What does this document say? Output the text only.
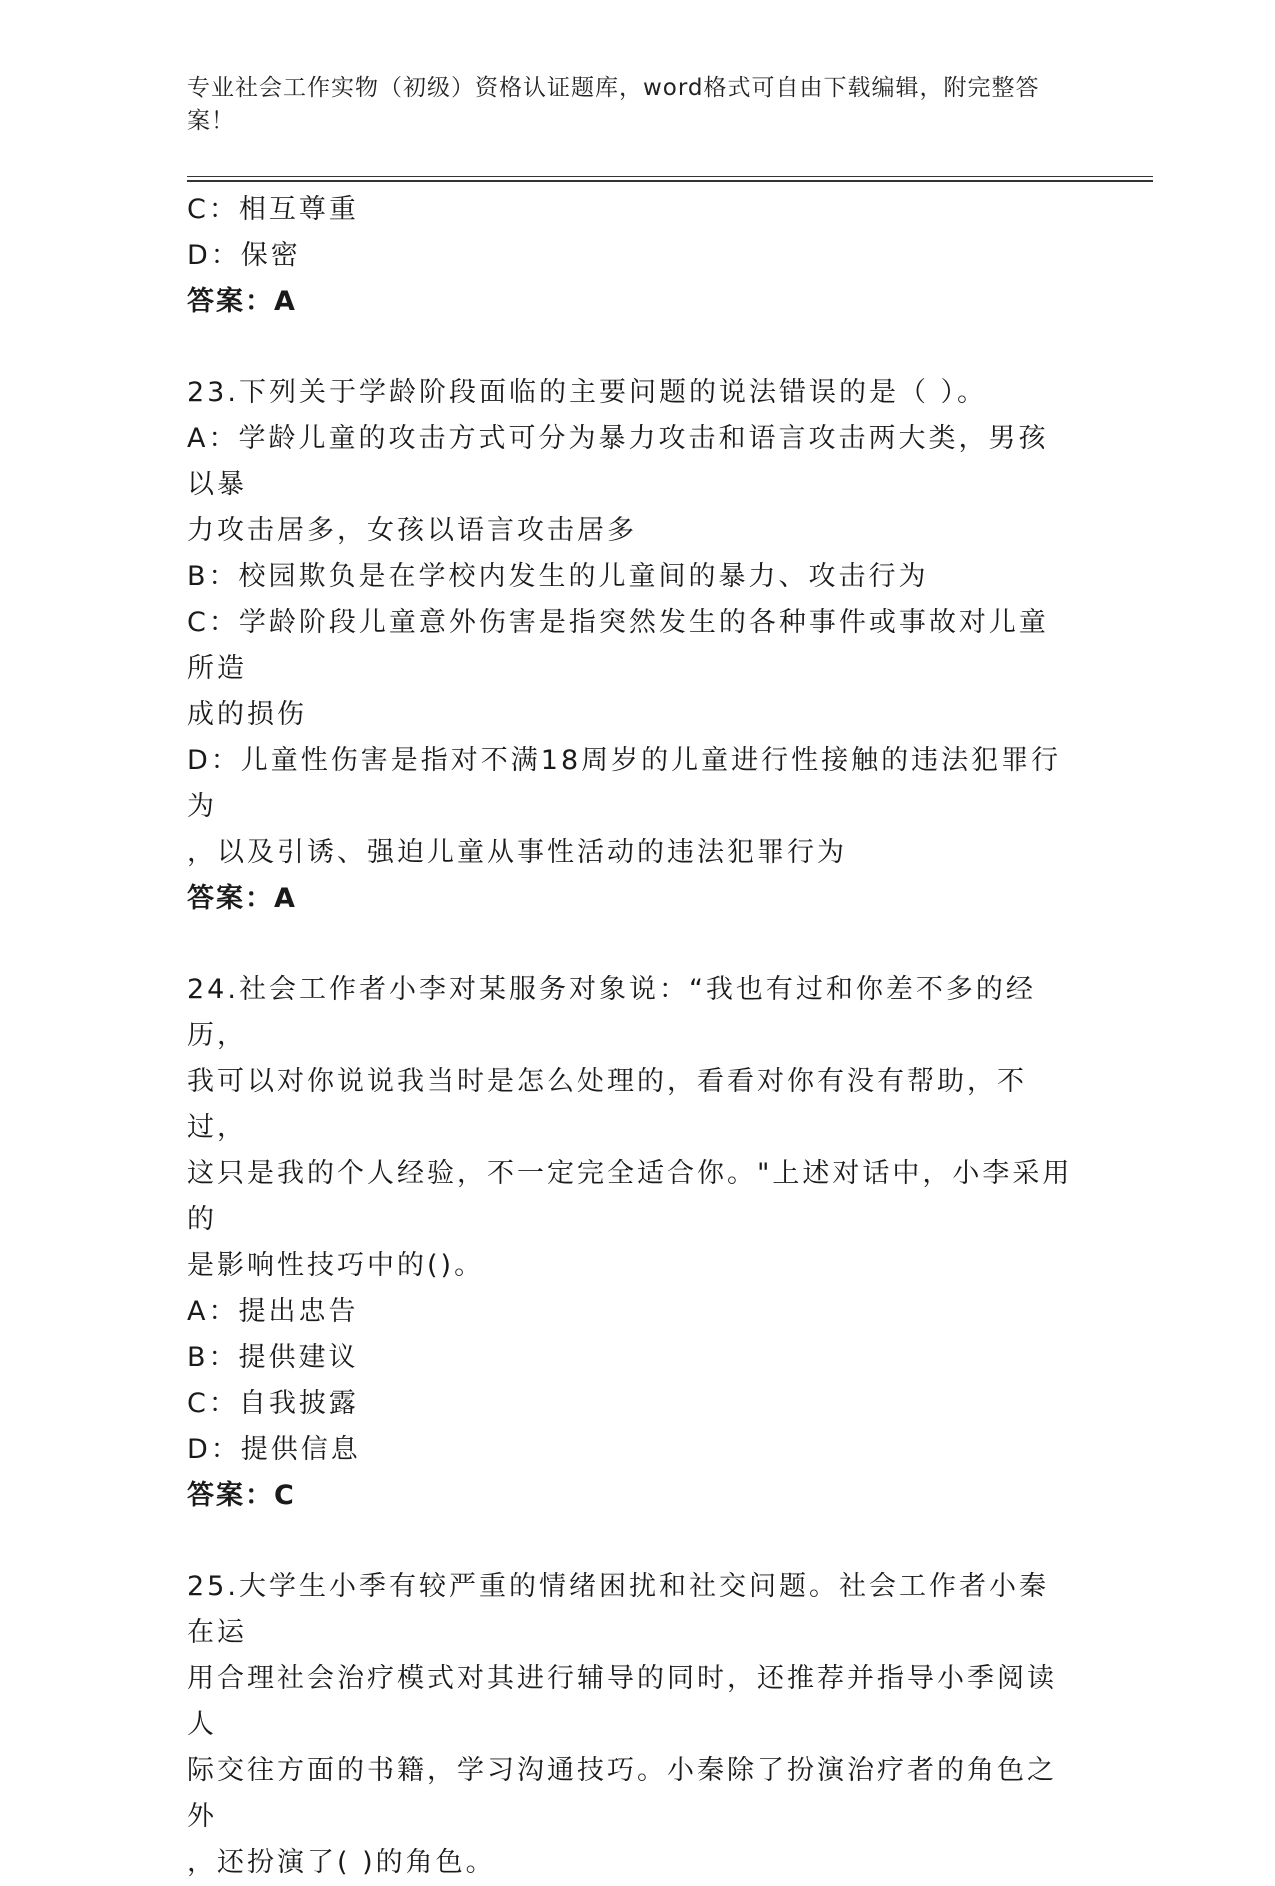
专业社会工作实物（初级）资格认证题库，word格式可自由下载编辑，附完整答案！
C：相互尊重
D：保密
答案：A
23.下列关于学龄阶段面临的主要问题的说法错误的是（ ）。
A：学龄儿童的攻击方式可分为暴力攻击和语言攻击两大类，男孩以暴
力攻击居多，女孩以语言攻击居多
B：校园欺负是在学校内发生的儿童间的暴力、攻击行为
C：学龄阶段儿童意外伤害是指突然发生的各种事件或事故对儿童所造
成的损伤
D：儿童性伤害是指对不满18周岁的儿童进行性接触的违法犯罪行为
，以及引诱、强迫儿童从事性活动的违法犯罪行为
答案：A
24.社会工作者小李对某服务对象说：“我也有过和你差不多的经历，
我可以对你说说我当时是怎么处理的，看看对你有没有帮助，不过，
这只是我的个人经验，不一定完全适合你。"上述对话中，小李采用的
是影响性技巧中的()。
A：提出忠告
B：提供建议
C：自我披露
D：提供信息
答案：C
25.大学生小季有较严重的情绪困扰和社交问题。社会工作者小秦在运
用合理社会治疗模式对其进行辅导的同时，还推荐并指导小季阅读人
际交往方面的书籍，学习沟通技巧。小秦除了扮演治疗者的角色之外
，还扮演了( )的角色。
